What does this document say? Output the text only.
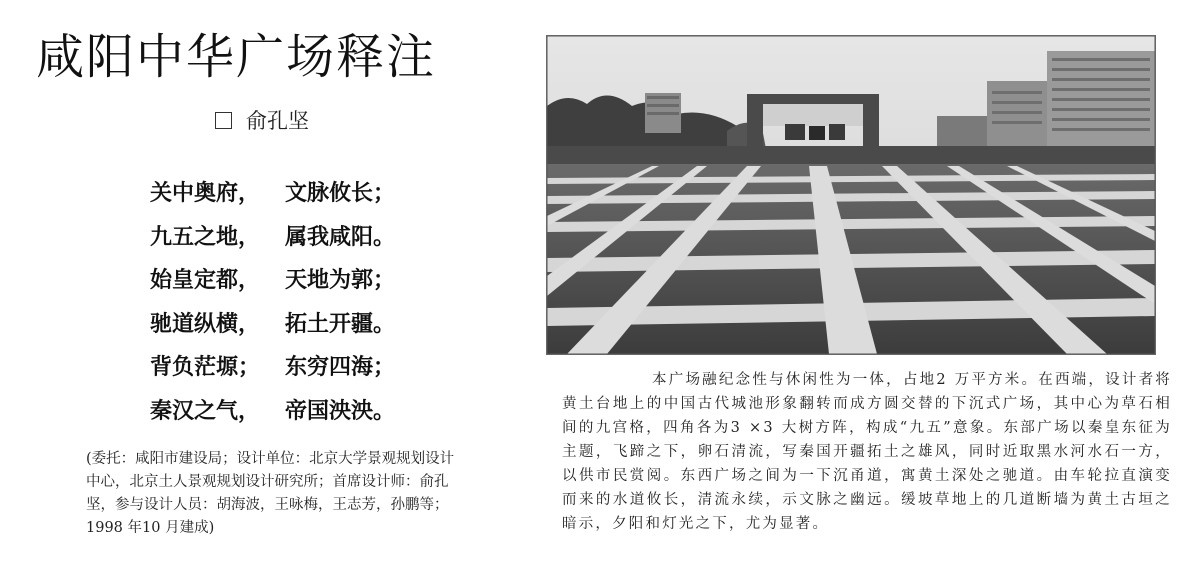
咸阳中华广场释注
俞孔坚
关中奥府，	文脉攸长；
九五之地，	属我咸阳。
始皇定都，	天地为郭；
驰道纵横，	拓土开疆。
背负茫塬；	东穷四海；
秦汉之气，	帝国泱泱。

(委托：咸阳市建设局；设计单位：北京大学景观规划设计中心，北京土人景观规划设计研究所；首席设计师：俞孔坚，参与设计人员：胡海波，王咏梅，王志芳，孙鹏等；1998 年10 月建成)

本广场融纪念性与休闲性为一体，占地2 万平方米。在西端，设计者将黄土台地上的中国古代城池形象翻转而成方圆交替的下沉式广场，其中心为草石相间的九宫格，四角各为3 ×3 大树方阵，构成“九五”意象。东部广场以秦皇东征为主题，飞蹄之下，卵石清流，写秦国开疆拓土之雄风，同时近取黑水河水石一方，以供市民赏阅。东西广场之间为一下沉甬道，寓黄土深处之驰道。由车轮拉直演变而来的水道攸长，清流永续，示文脉之幽远。缓坡草地上的几道断墙为黄土古垣之暗示，夕阳和灯光之下，尤为显著。
